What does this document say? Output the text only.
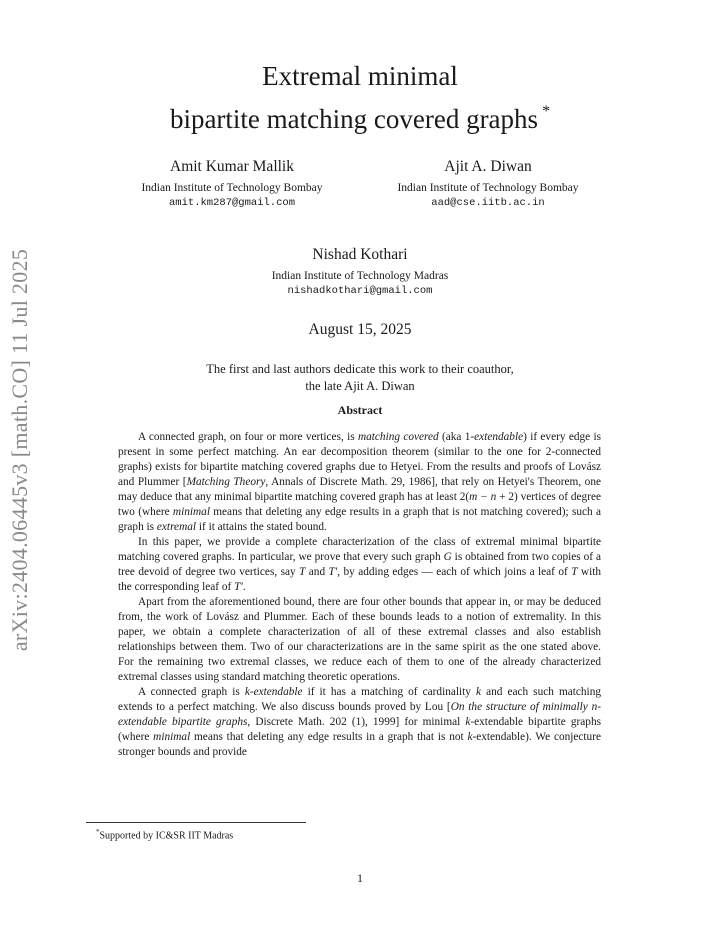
arXiv:2404.06445v3 [math.CO] 11 Jul 2025
Extremal minimal
bipartite matching covered graphs *
Amit Kumar Mallik
Indian Institute of Technology Bombay
amit.km287@gmail.com
Ajit A. Diwan
Indian Institute of Technology Bombay
aad@cse.iitb.ac.in
Nishad Kothari
Indian Institute of Technology Madras
nishadkothari@gmail.com
August 15, 2025
The first and last authors dedicate this work to their coauthor,
the late Ajit A. Diwan
Abstract

A connected graph, on four or more vertices, is matching covered (aka 1-extendable) if every edge is present in some perfect matching. An ear decomposition theorem (similar to the one for 2-connected graphs) exists for bipartite matching covered graphs due to Hetyei. From the results and proofs of Lovász and Plummer [Matching Theory, Annals of Discrete Math. 29, 1986], that rely on Hetyei's Theorem, one may deduce that any minimal bipartite matching covered graph has at least 2(m − n + 2) vertices of degree two (where minimal means that deleting any edge results in a graph that is not matching covered); such a graph is extremal if it attains the stated bound.

In this paper, we provide a complete characterization of the class of extremal minimal bipartite matching covered graphs. In particular, we prove that every such graph G is obtained from two copies of a tree devoid of degree two vertices, say T and T′, by adding edges — each of which joins a leaf of T with the corresponding leaf of T′.

Apart from the aforementioned bound, there are four other bounds that appear in, or may be deduced from, the work of Lovász and Plummer. Each of these bounds leads to a notion of extremality. In this paper, we obtain a complete characterization of all of these extremal classes and also establish relationships between them. Two of our characterizations are in the same spirit as the one stated above. For the remaining two extremal classes, we reduce each of them to one of the already characterized extremal classes using standard matching theoretic operations.

A connected graph is k-extendable if it has a matching of cardinality k and each such matching extends to a perfect matching. We also discuss bounds proved by Lou [On the structure of minimally n-extendable bipartite graphs, Discrete Math. 202 (1), 1999] for minimal k-extendable bipartite graphs (where minimal means that deleting any edge results in a graph that is not k-extendable). We conjecture stronger bounds and provide

*Supported by IC&SR IIT Madras
1
